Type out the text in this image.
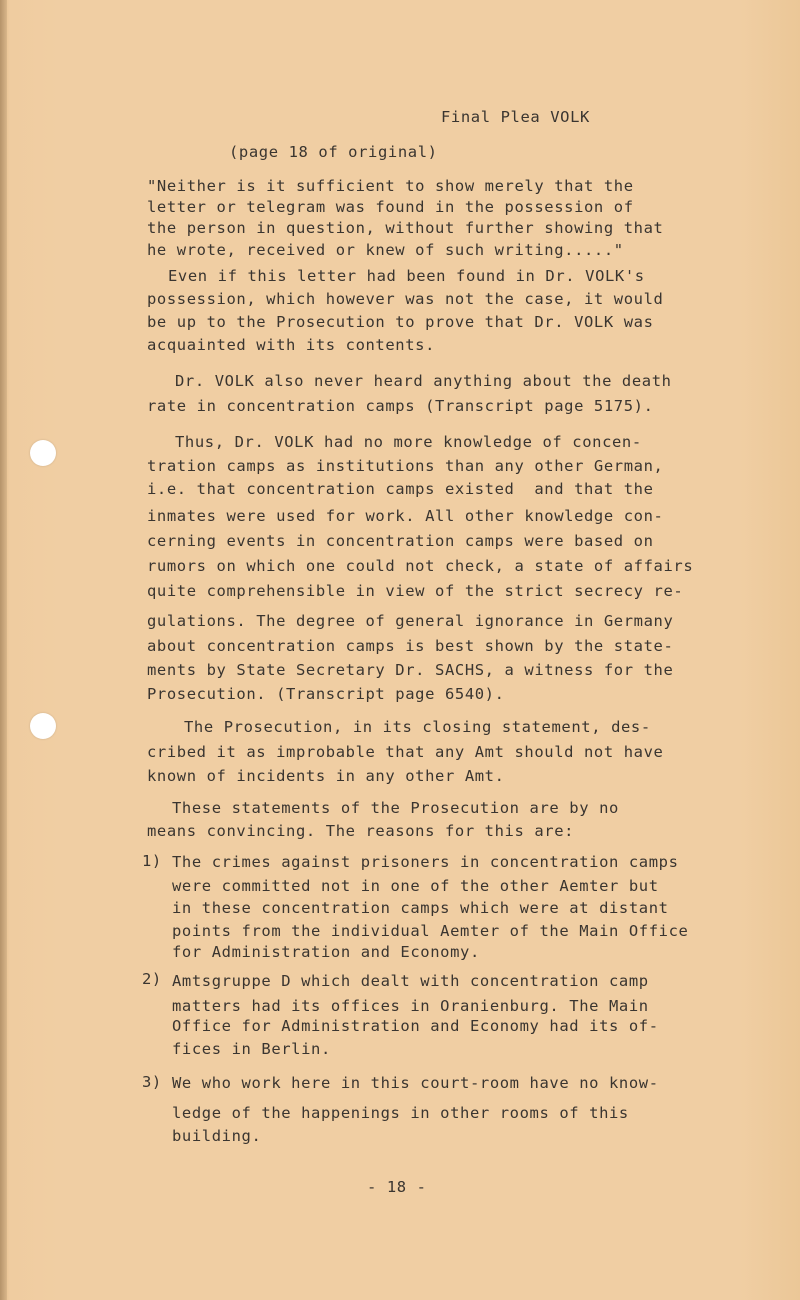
Final Plea VOLK
(page 18 of original)
"Neither is it sufficient to show merely that the
letter or telegram was found in the possession of
the person in question, without further showing that
he wrote, received or knew of such writing....."
Even if this letter had been found in Dr. VOLK's
possession, which however was not the case, it would
be up to the Prosecution to prove that Dr. VOLK was
acquainted with its contents.
Dr. VOLK also never heard anything about the death
rate in concentration camps (Transcript page 5175).
Thus, Dr. VOLK had no more knowledge of concen-
tration camps as institutions than any other German,
i.e. that concentration camps existed  and that the
inmates were used for work. All other knowledge con-
cerning events in concentration camps were based on
rumors on which one could not check, a state of affairs
quite comprehensible in view of the strict secrecy re-
gulations. The degree of general ignorance in Germany
about concentration camps is best shown by the state-
ments by State Secretary Dr. SACHS, a witness for the
Prosecution. (Transcript page 6540).
The Prosecution, in its closing statement, des-
cribed it as improbable that any Amt should not have
known of incidents in any other Amt.
These statements of the Prosecution are by no
means convincing. The reasons for this are:
1) The crimes against prisoners in concentration camps
were committed not in one of the other Aemter but
in these concentration camps which were at distant
points from the individual Aemter of the Main Office
for Administration and Economy.
2) Amtsgruppe D which dealt with concentration camp
matters had its offices in Oranienburg. The Main
Office for Administration and Economy had its of-
fices in Berlin.
3) We who work here in this court-room have no know-
ledge of the happenings in other rooms of this
building.
- 18 -
